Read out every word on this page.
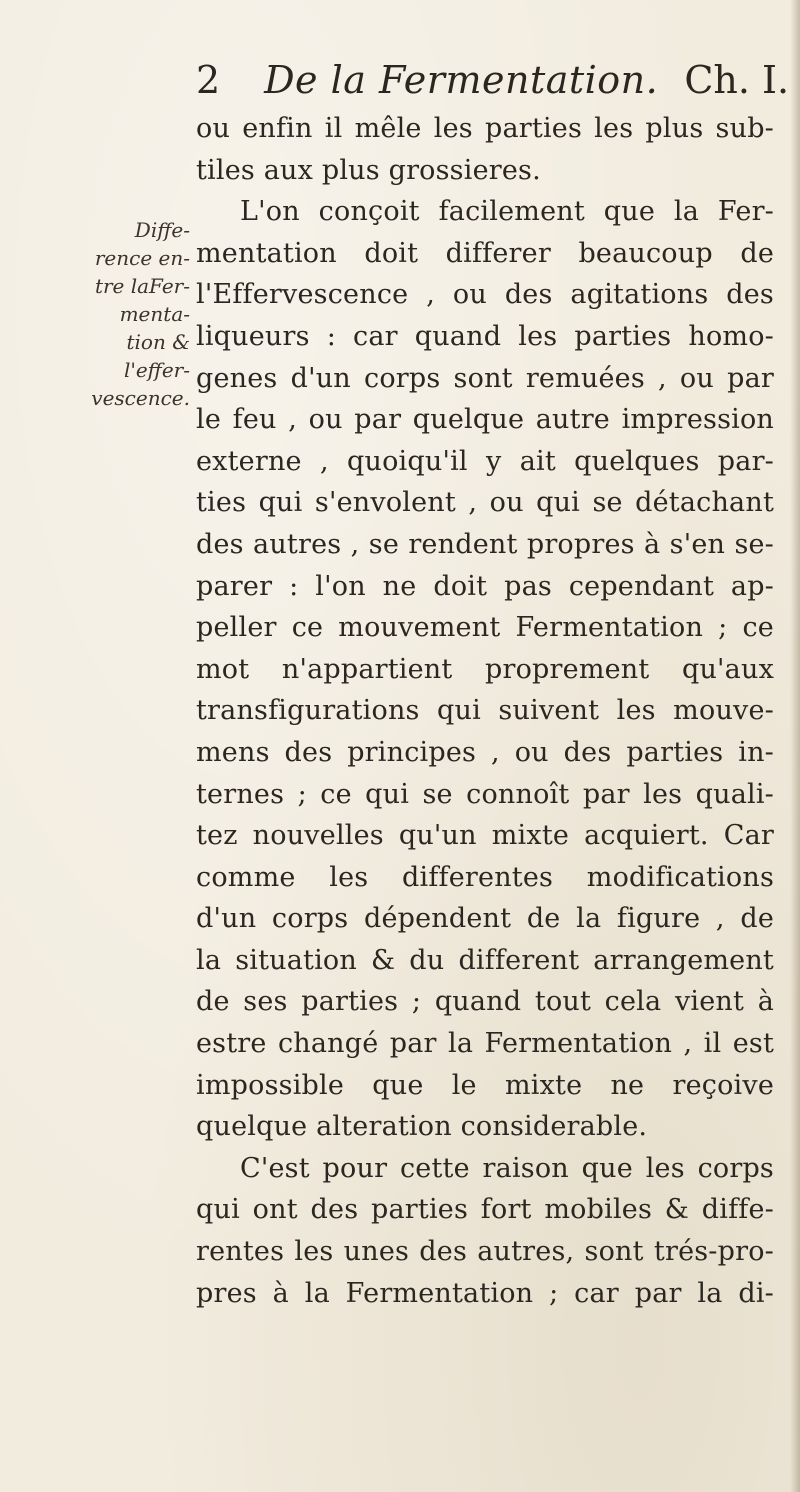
2 De la Fermentation. Ch. I.
Diffe-
rence en-
tre laFer-
menta-
tion &
l'effer-
vescence.
ou enfin il mêle les parties les plus sub-
tiles aux plus grossieres.
L'on conçoit facilement que la Fer-
mentation doit differer beaucoup de
l'Effervescence , ou des agitations des
liqueurs : car quand les parties homo-
genes d'un corps sont remuées , ou par
le feu , ou par quelque autre impression
externe , quoiqu'il y ait quelques par-
ties qui s'envolent , ou qui se détachant
des autres , se rendent propres à s'en se-
parer : l'on ne doit pas cependant ap-
peller ce mouvement Fermentation ; ce
mot n'appartient proprement qu'aux
transfigurations qui suivent les mouve-
mens des principes , ou des parties in-
ternes ; ce qui se connoît par les quali-
tez nouvelles qu'un mixte acquiert. Car
comme les differentes modifications
d'un corps dépendent de la figure , de
la situation & du different arrangement
de ses parties ; quand tout cela vient à
estre changé par la Fermentation , il est
impossible que le mixte ne reçoive
quelque alteration considerable.
C'est pour cette raison que les corps
qui ont des parties fort mobiles & diffe-
rentes les unes des autres, sont trés-pro-
pres à la Fermentation ; car par la di-
